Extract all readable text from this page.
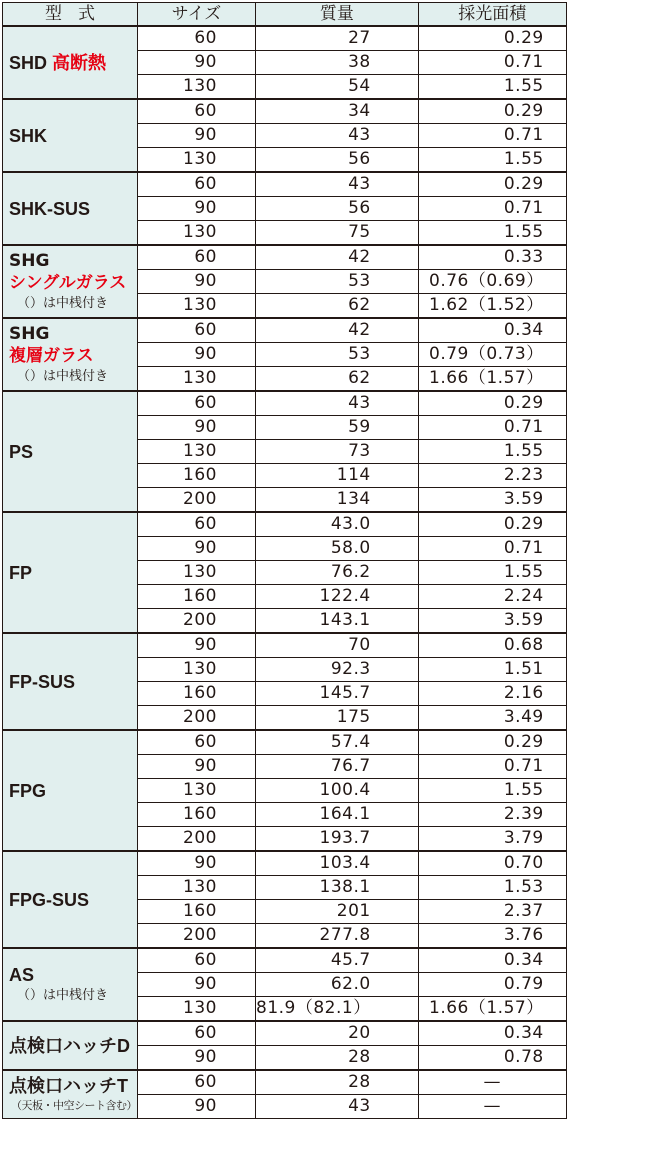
型式	サイズ	質量	採光面積

SHD 高断熱	60	27	0.29
	90	38	0.71
	130	54	1.55

SHK	60	34	0.29
	90	43	0.71
	130	56	1.55

SHK-SUS	60	43	0.29
	90	56	0.71
	130	75	1.55

SHG
シングルガラス
（）は中桟付き	60	42	0.33
	90	53	0.76（0.69）
	130	62	1.62（1.52）

SHG
複層ガラス
（）は中桟付き	60	42	0.34
	90	53	0.79（0.73）
	130	62	1.66（1.57）

PS	60	43	0.29
	90	59	0.71
	130	73	1.55
	160	114	2.23
	200	134	3.59

FP	60	43.0	0.29
	90	58.0	0.71
	130	76.2	1.55
	160	122.4	2.24
	200	143.1	3.59

FP-SUS	90	70	0.68
	130	92.3	1.51
	160	145.7	2.16
	200	175	3.49

FPG	60	57.4	0.29
	90	76.7	0.71
	130	100.4	1.55
	160	164.1	2.39
	200	193.7	3.79

FPG-SUS	90	103.4	0.70
	130	138.1	1.53
	160	201	2.37
	200	277.8	3.76

AS
（）は中桟付き	60	45.7	0.34
	90	62.0	0.79
	130	81.9（82.1）	1.66（1.57）

点検口ハッチD	60	20	0.34
	90	28	0.78

点検口ハッチT
（天板・中空シート含む）	60	28	—
	90	43	—
